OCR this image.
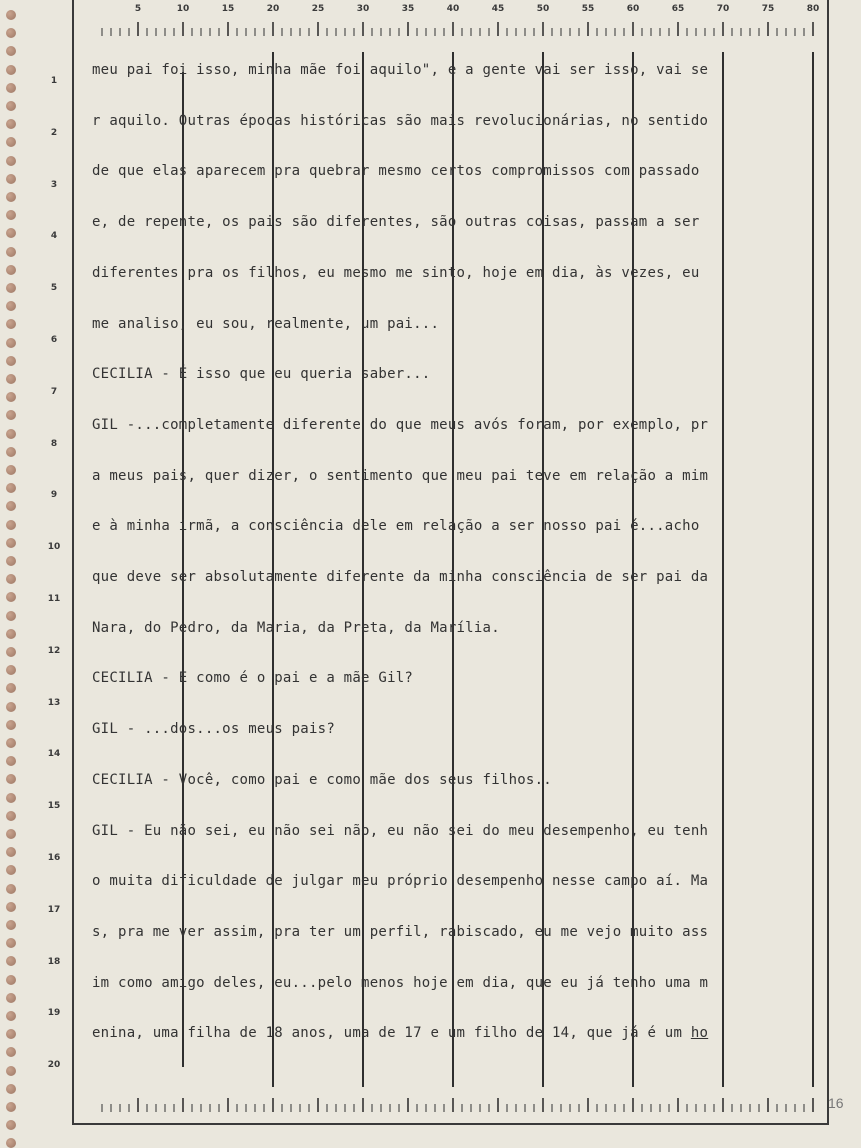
5	10	15	20	25	30	35	40	45	50	55	60	65	70	75	80
1
2
3
4
5
6
7
8
9
10
11
12
13
14
15
16
17
18
19
20
meu pai foi isso, minha mãe foi aquilo", e a gente vai ser isso, vai se
r aquilo. Outras épocas históricas são mais revolucionárias, no sentido
de que elas aparecem pra quebrar mesmo certos compromissos com passado
e, de repente, os pais são diferentes, são outras coisas, passam a ser
diferentes pra os filhos, eu mesmo me sinto, hoje em dia, às vezes, eu
me analiso, eu sou, realmente, um pai...
CECILIA - É isso que eu queria saber...
GIL -...completamente diferente do que meus avós foram, por exemplo, pr
a meus pais, quer dizer, o sentimento que meu pai teve em relação a mim
e à minha irmã, a consciência dele em relação a ser nosso pai é...acho
que deve ser absolutamente diferente da minha consciência de ser pai da
Nara, do Pedro, da Maria, da Preta, da Marília.
CECILIA - E como é o pai e a mãe Gil?
GIL - ...dos...os meus pais?
CECILIA - Você, como pai e como mãe dos seus filhos..
GIL - Eu não sei, eu não sei não, eu não sei do meu desempenho, eu tenh
o muita dificuldade de julgar meu próprio desempenho nesse campo aí. Ma
s, pra me ver assim, pra ter um perfil, rabiscado, eu me vejo muito ass
im como amigo deles, eu...pelo menos hoje em dia, que eu já tenho uma m
enina, uma filha de 18 anos, uma de 17 e um filho de 14, que já é um ho
16
